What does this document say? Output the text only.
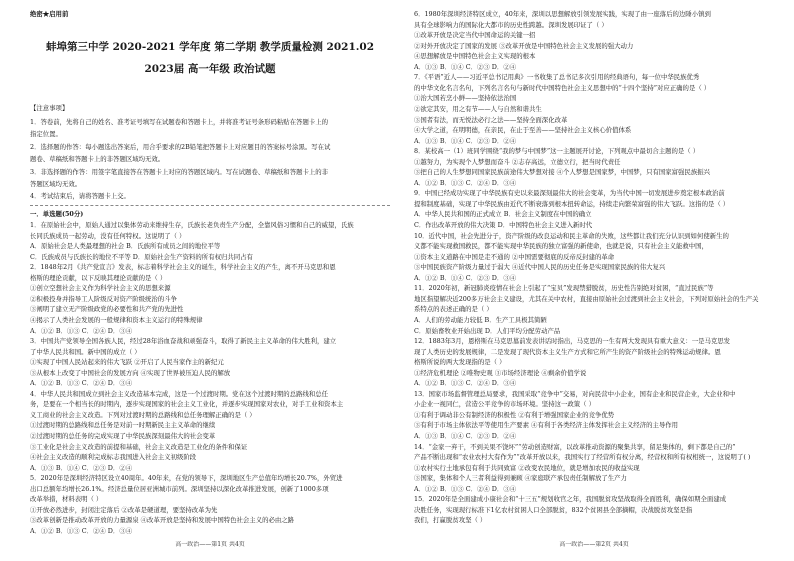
绝密★启用前
蚌埠第三中学 2020-2021 学年度 第二学期 教学质量检测 2021.02
2023届 高一年级 政治试题
【注意事项】
1．答卷前，先将自己的姓名、准考证号填写在试题卷和答题卡上，并将准考证号条形码粘贴在答题卡上的
指定位置。
2．选择题的作答：每小题选出答案后，用合乎要求的2B铅笔把答题卡上对应题目的答案标号涂黑。写在试
题卷、草稿纸和答题卡上的非答题区域均无效。
3．非选择题的作答：用签字笔直接答在答题卡上对应的答题区域内。写在试题卷、草稿纸和答题卡上的非
答题区域均无效。
4．考试结束后，请将答题卡上交。
一．单选题(50分)
1．在原始社会中，原始人通过以集体劳动来维持生存，氏族长老负责生产分配，全靠风俗习惯和自己的威望，氏族
长同氏族成员一起劳动，没有任何特权。这说明了（ ）
A．原始社会是人类最理想的社会 B．氏族所有成员之间的地位平等
C．氏族成员与氏族长的地位不平等 D．原始社会生产资料的所有权归共同占有
2．1848年2月《共产党宣言》发表，标志着科学社会主义的诞生，科学社会主义的产生，离不开马克思和恩
格斯的理论贡献，以下反映其理论贡献的是（ ）
①创立空想社会主义作为科学社会主义的思想来源
②积极投身并指导工人阶级反对资产阶级统治的斗争
③阐明了建立无产阶级政党的必要性和共产党的先进性
④揭示了人类社会发展的一般规律和资本主义运行的特殊规律
A．①② B．①③ C．②④ D．③④
3．中国共产党领导全国各族人民，经过28年浴血奋战和顽强奋斗，取得了新民主主义革命的伟大胜利，建立
了中华人民共和国。新中国的成立（ ）
①实现了中国人民站起来的伟大飞跃 ②开启了人民当家作主的新纪元
③从根本上改变了中国社会的发展方向 ④实现了世界被压迫人民的解放
A．①② B．①③ C．②④ D．③④
4．中华人民共和国成立到社会主义改造基本完成，这是一个过渡时期。党在这个过渡时期的总路线和总任
务，是要在一个相当长的时期内，逐步实现国家的社会主义工业化，并逐步实现国家对农业，对手工业和资本主
义工商业的社会主义改造。下列对过渡时期的总路线和总任务理解正确的是（ ）
①过渡时期的总路线和总任务是对前一时期新民主主义革命的继续
②过渡时期的总任务的完成实现了中华民族深刻最伟大的社会变革
③工业化是社会主义改造的前提和基础，社会主义改造是工业化的条件和保证
④社会主义改造的顺利完成标志我国进入社会主义初级阶段
A．①③ B．①④ C．②③ D．②④
5．2020年是深圳经济特区设立40周年。40年来，在党的领导下，深圳地区生产总值年均增长20.7%，外贸进
出口总额年均增长26.1%。经济总量位居亚洲城市前列。深圳坚持以深化改革推进发展，创新了1000多项
改革举措，材料表明（ ）
①开放必然进步，封闭注定落后 ②改革是硬道理，要坚持改革为先
③改革创新是推动改革开放的力量源泉 ④改革开放是坚持和发展中国特色社会主义的必由之路
A．①② B．①③ C．②④ D．③④
高一政治——第1页 共4页
6．1980年深圳经济特区成立，40年来，深圳以思想解放引领发展实践，实现了由一座落后的边陲小镇到
具有全球影响力的国际化大都市的历史性跨越。深圳发展印证了（ ）
①改革开放是决定当代中国命运的关键一招
②对外开放决定了国家的发展 ③改革开放是中国特色社会主义发展的强大动力
④思想解放是中国特色社会主义实现的根本
A．①③ B．①④ C．②③ D．②④
7．《平语”近人——习近平总书记用典》一书收集了总书记多次引用的经典语句，每一位中华民族优秀
的中华文化名言名句，下列名言名句与新时代中国特色社会主义思想中的“十四个坚持”对应正确的是（ ）
①治大国若烹小鲜——坚持依法治国
②欲定其安，用之有节——人与自然和谐共生
③国者有法，而无悦法必行之法——坚持全面深化改革
④大学之道，在明明德，在亲民，在止于至善——坚持社会主义核心价值体系
A．①③ B．①④ C．②③ D．②④
8．某校高一（1）班同学围绕“我的梦与中国梦”这一主题展开讨论，下列观点中最切合主题的是（ ）
①越努力，为实现个人梦想而奋斗 ②志存高远，立德立行，把当时代责任
③把自己的人生梦想同国家民族前途伟大梦想对接 ④个人梦想是国家梦，中国梦，只有国家富强民族振兴
A．①② B．①③ C．②④ D．③④
9．中国已经成功实现了中华民族有史以来最深刻最伟大的社会变革，为当代中国一切发展进步奠定根本政治前
提和制度基础，实现了中华民族由近代不断衰落到根本扭转命运，持续走向繁荣富强的伟大飞跃。这指的是（ ）
A．中华人民共和国的正式成立 B．社会主义制度在中国的确立
C．作出改革开放的伟大决策 D．中国特色社会主义进入新时代
10．近代中国，社会先进分子，资产阶级的改良运动和民主革命的失败，这些都让我们充分认识到如何使新生的
义都不能实现救国救民，都不能实现中华民族的独立富强的新使命，也就是说，只有社会主义能救中国，
①资本主义道路在中国是走不通的 ②中国需要彻底的反帝反封建的革命
③中国民族资产阶级力量过于弱大 ④近代中国人民的历史任务是实现国家民族的伟大复兴
A．①② B．①④ C．②③ D．③④
11．2020年初，新冠肺炎疫情在社会上引起了“宝贝”发现禁猎脱贫，历史性告别绝对贫困，“直过民族”等
地区指望解决近200多万社会主义建设，尤其在关中农村，直接由原始社会过渡到社会主义社会，下列对原始社会的生产关
系特点的表述正确的是（ ）
A．人们的劳动能力较低 B．生产工具极其简陋
C．原始畜牧业开始出现 D．人们平均分配劳动产品
12．1883年3月，恩格斯在马克思墓前发表讲话时指出，马克思的一生有两大发现具有重大意义：一是马克思发
现了人类历史的发展规律，二是发现了现代资本主义生产方式和它所产生的资产阶级社会的特殊运动规律。恩
格斯所说的两大发现指的是（ ）
①经济危机理论 ②唯物史观 ③市场经济理论 ④剩余价值学说
A．①② B．①③ C．②④ D．③④
13．国家市场监督管理总局要求，我国采取“竞争中”交易，对向民营中小企业，国有企业和民营企业，大企业和中
小企业一视同仁，营造公平竞争的市场环境。坚持这一政策（ ）
①有利于调动非公有制经济的积极性 ②有利于增强国家企业的竞争优势
③有利于市场主体依法平等使用生产要素 ④有利于各类经济主体发挥社会主义经济的主导作用
A．①③ B．①④ C．②③ D．②④
14．“金家一弃干，不到关果不饶坏”“劳动创造财富，以改革推动资源的聚集共享，留足集体的，剩下都是自己的”
产品不断出现和“农业农村大有作为”“改革开放以来，我国实行了经营所有权分离，经营权和所有权相统一，这说明了( )
①农村实行土地承包有利于共同致富 ②改变农民地位，就是增加农民的收益实现
③国家，集体和个人三者利益得到兼顾 ④家庭联产承包责任制解放了生产力
A．①② B．①③ C．②④ D．③④
15．2020年是全面建成小康社会和“十三五”规划收官之年，我国脱贫攻坚战取得全面胜利，确保如期全面建成
决胜任务，实现现行标准下1亿农村贫困人口全部脱贫，832个贫困县全部摘帽，决战脱贫攻坚是指
我们，打赢脱贫攻坚（ ）
高一政治——第2页 共4页
